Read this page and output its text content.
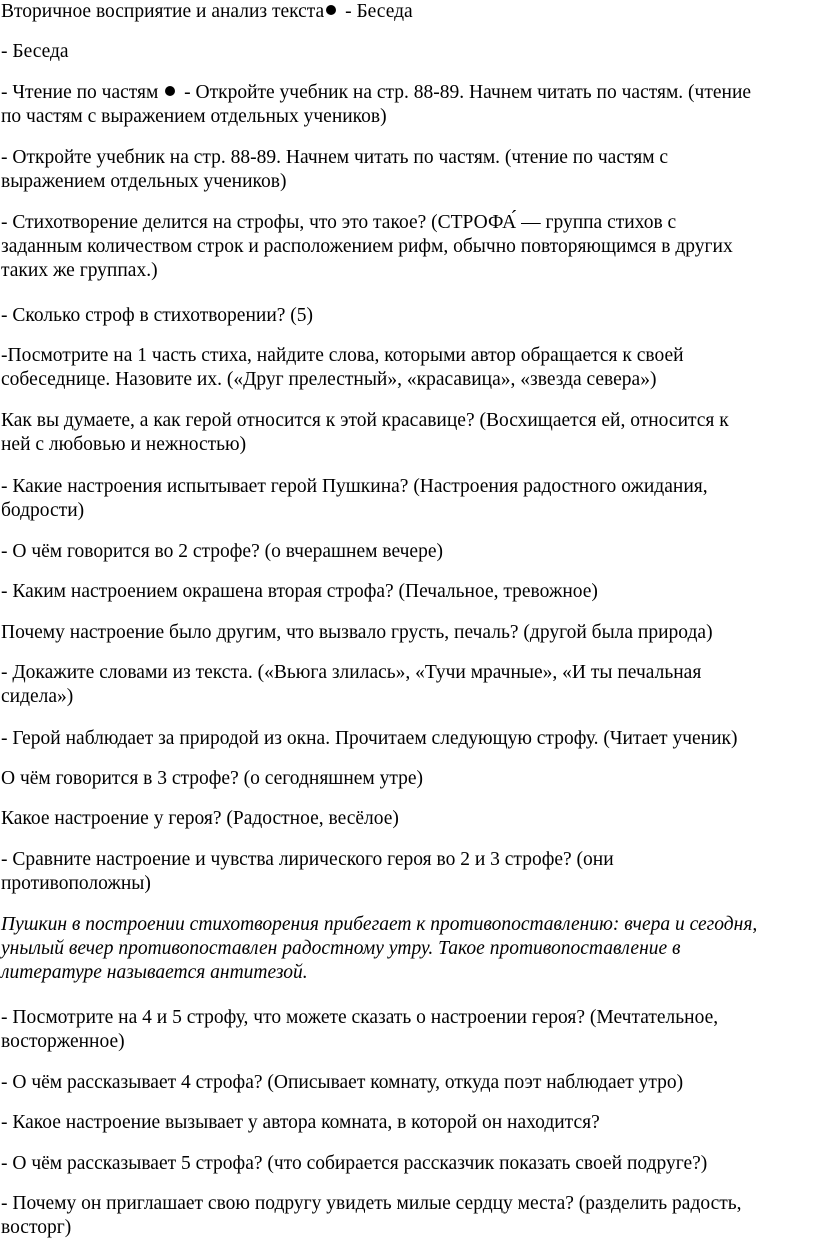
Вторичное восприятие и анализ текста - Беседа
- Беседа
- Чтение по частям  - Откройте учебник на стр. 88-89. Начнем читать по частям. (чтение
по частям с выражением отдельных учеников)
- Откройте учебник на стр. 88-89. Начнем читать по частям. (чтение по частям с
выражением отдельных учеников)
- Стихотворение делится на строфы, что это такое? (СТРОФА́ — группа стихов с
заданным количеством строк и расположением рифм, обычно повторяющимся в других
таких же группах.)
- Сколько строф в стихотворении? (5)
-Посмотрите на 1 часть стиха, найдите слова, которыми автор обращается к своей
собеседнице. Назовите их. («Друг прелестный», «красавица», «звезда севера»)
Как вы думаете, а как герой относится к этой красавице? (Восхищается ей, относится к
ней с любовью и нежностью)
- Какие настроения испытывает герой Пушкина? (Настроения радостного ожидания,
бодрости)
- О чём говорится во 2 строфе? (о вчерашнем вечере)
- Каким настроением окрашена вторая строфа? (Печальное, тревожное)
Почему настроение было другим, что вызвало грусть, печаль? (другой была природа)
- Докажите словами из текста. («Вьюга злилась», «Тучи мрачные», «И ты печальная
сидела»)
- Герой наблюдает за природой из окна. Прочитаем следующую строфу. (Читает ученик)
О чём говорится в 3 строфе? (о сегодняшнем утре)
Какое настроение у героя? (Радостное, весёлое)
- Сравните настроение и чувства лирического героя во 2 и 3 строфе? (они
противоположны)
Пушкин в построении стихотворения прибегает к противопоставлению: вчера и сегодня,
унылый вечер противопоставлен радостному утру. Такое противопоставление в
литературе называется антитезой.
- Посмотрите на 4 и 5 строфу, что можете сказать о настроении героя? (Мечтательное,
восторженное)
- О чём рассказывает 4 строфа? (Описывает комнату, откуда поэт наблюдает утро)
- Какое настроение вызывает у автора комната, в которой он находится?
- О чём рассказывает 5 строфа? (что собирается рассказчик показать своей подруге?)
- Почему он приглашает свою подругу увидеть милые сердцу места? (разделить радость,
восторг)
